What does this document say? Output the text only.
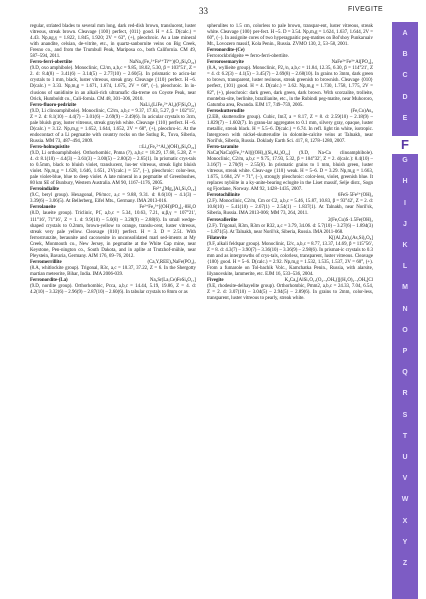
33	FIVEGITE

regular, striated blades to several mm long, dark red-dish brown, translucent, luster vitreous, streak brown. Cleavage {100} perfect, {011} good. H = 4.5. D(calc.) = 4.43. Np,ng,γ = 1.822, 1.845, 1.920; 2V = 63°, (+), pleochroic. As a late mineral with anandite, celsian, de-vitrite, etc., in quartz-sanbornite veins on Big Creek, Fresno co., and from the Trumbull Peak, Mariposa co., both California. CM 49, 587–594, 2011.

Ferro-ferri-obertiite	NaNa₂(Fe₃²⁺Fe³⁺Ti⁴⁺)(O₂|Si₈O₂₂)

(9.D, oxo amphibole). Monoclinic, C2/m, a,b,c = 9.85, 18.02, 5.30, β = 103°51′, Z = 2. d: 8.4(8) – 3.41(6) – 3.14(5) – 2.77(10) – 2.60(5). In prismatic to acicu-lar crystals to 1 mm, black, luster vitreous, streak gray. Cleavage {110} perfect. H ~6. D(calc.) = 3.33. Np,m,g = 1.671, 1.674, 1.675, 2V = 60°, (−), pleochroic. In in-clusions of sanidinite in an alkali-rich ultramafic dia-treme on Coyote Peak, near Orick, Humboldt co., Cali-fornia. CM 48, 301–306, 2010.

Ferro-fluoro-pedrizite	NaLi₂(LiFe₂²⁺Al₂)(F|Si₈O₂₂)

(9.D, Li clinoamphibole). Monoclinic, C2/m, a,b,c = 9.37, 17.63, 5.27, β = 102°15′, Z = 2. d: 8.1(10) – 4.4(7) – 3.01(6) – 2.69(9) – 2.49(6). In acicular crystals to 3cm, pale bluish gray, luster vitreous, streak grayish white. Cleavage {110} perfect. H ~6. D(calc.) = 3.12. Np,m,g = 1.652, 1.644, 1.652, 2V = 68°, (+), pleochro-ic. At the endocontact of a Li pegmatite with country rocks on the Sutlug R., Tuva, Siberia, Russia. MM 73, 487–494, 2009.

Ferro-holmquistite	□Li₂(Fe₃²⁺Al₂)(OH)₂|Si₈O₂₂]

(9.D, Li orthoamphibole). Orthorhombic, Pnma (?), a,b,c = 18.29, 17.68, 5.28, Z = 4. d: 8.1(10) – 4.4(3) – 3.61(3) – 3.00(5) – 2.80(2) – 2.65(1). In prismatic crys-tals to 0.5mm, black to bluish violet, translucent, lus-ter vitreous, streak light bluish violet. Np,m,g = 1.628, 1.646, 1.651, 2V(calc.) = 55°, (−), pleochroic: color-less, pale violet-blue, blue to deep violet. A late mineral in a pegmatite of Greenbushes, 80 km SE of Bunbury, Western Australia. AM 90, 1167–1176, 2005.

Ferroindialite	Fe²⁺₂[Mg₂]Al₄Si₅O₁₈]

(9.C, beryl group). Hexagonal, P6/mcc, a,c = 9.88, 9.31. d: 8.6(10) – 4.1(3) – 3.39(6) – 3.06(5). At Bellerberg, Eifel Mts., Germany. IMA 2013-016.

Ferrolaueite	Fe²⁺Fe₂³⁺[(OH)|PO₄]₂·8H₂O

(8.D, laueite group). Triclinic, P1̄, a,b,c = 5.34, 10.63, 7.21, α,β,γ = 107°21′, 111°16′, 71°16′, Z = 1. d: 9.9(10) – 5.0(8) – 3.28(9) – 2.88(6). In small wedge-shaped crystals to 0.2mm, brown-yellow to orange, translu-cent, luster vitreous, streak very pale yellow. Cleavage {010} perfect. H = 3. D = 2.51. With ferrostrunzite, beraunite and cacoxenite in unconsolidated marl sed-iments at My Creek, Monmouth co., New Jersey, in pegmatite at the White Cap mine, near Keystone, Pen-nington co., South Dakota, and in aplite at Trutzhof-mühle, near Pleystein, Bavaria, Germany. AJM 176, 69–76, 2012.

Ferromerrillite	(Ca,Y,REE)₉NaFe(PO₄)₇

(8.A, whitlockite group). Trigonal, R3c, a,c = 10.37, 37.22, Z = 6. In the Shergotty martian meteorite, Bihar, India. IMA 2006-039.

Ferronordite-(La)	Na₃Sr(La,Ce)FeSi₆O₁₇]

(9.D, nordite group). Orthorhombic, Pcca, a,b,c = 14.44, 5.19, 19.86, Z = 4. d: 4.2(10) – 3.32(6) – 2.96(9) – 2.87(10) – 2.60(6). In tabular crystals to 8mm or as

spherulites to 1.5 cm, colorless to pale brown, transpar-ent, luster vitreous, streak white. Cleavage {100} per-fect. H ~5. D = 3.54. Np,m,g = 1.624, 1.637, 1.644, 2V = 60°, (−). In assignite cores of two hyperagpaitic peg-matites on Bol'shoy Punkaruaiv Mt., Lovozero massif, Kola Penin., Russia. ZVMO 130, 2, 53–58, 2001.

Ferronordite-(Ce)

Ferrorockbridgeite ⇒ ferro-ferri-obertiite.

Ferrorosemaryite	NaFe²⁺Fe³⁺Al[PO₄]₃

(8.A, wyllieite group). Monoclinic, P2₁/n, a,b,c = 11.84, 12.35, 6.30, β = 114°21′, Z = 4. d: 6.2(3) – 4.1(5) – 3.45(7) – 2.69(8) – 2.68(10). In grains to 3mm, dark green to brown, transparent, luster resinous, streak greenish to brownish. Cleavage {010} perfect, {101} good. H = 4. D(calc.) = 3.62. Np,m,g = 1.730, 1.758, 1.775, 2V = 82°, (+), pleochroic: dark green, dark green, dark brown. With scorzalite, trolleite, montebra-site, berlinite, brazilianite, etc., in the Rubindi peg-matite, near Muhororo, Gatumba area, Rwanda. EJM 17, 749–759, 2005.

Ferroskutterudite	(Fe,Co)As₃

(2.EB, skutterudite group). Cubic, Im3̄, a = 8.17, Z = 8. d: 2.59(10) – 2.18(9) – 1.829(7) – 1.602(7). In granu-lar aggregates to 0.1 mm, silvery gray, opaque, luster metallic, streak black. H = 5.5–6. D(calc.) = 6.74. In refl. light tin white, isotropic. Intergrown with nickel-skutterudite in dolomite-calcite veins at Talnakh, near Noril'sk, Siberia, Russia. Doklady Earth Sci. 417, 8, 1278–1280, 2007.

Ferro-taramite

NaCa(NaCa)(Fe₃²⁺Al)[(OH)₂|(Si₆Al₂)O₂₂] (9.D, Na-Ca clinoamphibole). Monoclinic, C2/m, a,b,c = 9.75, 17.93, 5.32, β = 104°32′, Z = 2. d(calc.): 8.4(10) – 3.16(7) – 2.70(9) – 2.55(6). In prismatic grains to 1 mm, bluish green, luster vitreous, streak white. Cleav-age {110} weak. H = 5–6. D = 3.29. Np,m,g = 1.663, 1.675, 1.684, 2V = 71°, (−), strongly pleochroic: color-less, violet, greenish blue. It replaces nyböite in a ky-anite-bearing eclogite in the Liset massif, Selje distr., Sogn og Fjordane, Norway. AM 92, 1428–1435, 2007.

Ferrotochilinite	6FeS·5Fe²⁺(OH)₂

(2.F). Monoclinic, C2/m, Cm or C2, a,b,c = 5.46, 15.87, 10.83, β = 93°42′, Z = 2. d: 10.8(10) – 5.41(10) – 2.67(1) – 2.54(1) – 1.837(1). At Talnakh, near Noril'sk, Siberia, Russia. IMA 2013-006; MM 73, 264, 2011.

Ferrovalleriite	2(Fe,Cu)S·1.5Fe(OH)₂

(2.F). Trigonal, R3m, R3m or R32, a,c = 3.79, 34.06. d: 5.7(10) – 3.27(6) – 1.894(3) – 1.871(5). At Talnakh, near Noril'sk, Siberia, Russia. IMA 2011-068.

Filatovite	K[(Al,Zn)₂(As,Si)₂O₈]

(9.F, alkali feldspar group). Monoclinic, I2/c, a,b,c = 8.77, 13.37, 14.69, β = 115°56′, Z = 8. d: 4.3(7) – 3.90(7) – 3.36(10) – 3.36(9) – 2.98(6). In prismat-ic crystals to 0.3 mm and as intergrowths of crys-tals, colorless, transparent, luster vitreous. Cleavage {100} good. H = 5–6. D(calc.) = 2.92. Np,m,g = 1.532, 1.535, 1.537, 2V = 60°, (+). From a fumarole on Tol-bachik Volc., Kamchatka Penin., Russia, with alarsite, lilyanovskite, lammerite, etc. EJM 16, 533–536, 2004.

Fivegite	K₄Ca₂[AlSi₇O₁₇(O₂₋ₓOHₓ)][(H₂O)₂₋ₓOHₓ]Cl

(9.E, rhodesite-delhayelite group). Orthorhombic, Pmm2, a,b,c = 24.33, 7.04, 6.54, Z = 2. d: 3.07(10) – 3.04(5) – 2.94(5) – 2.89(6). In grains to 2mm, color-less, transparent, luster vitreous to pearly, streak white.

A
B
C
D
E
F
G
H
I
J
K
L
M
N
O
P
Q
R
S
T
U
V
W
X
Y
Z
